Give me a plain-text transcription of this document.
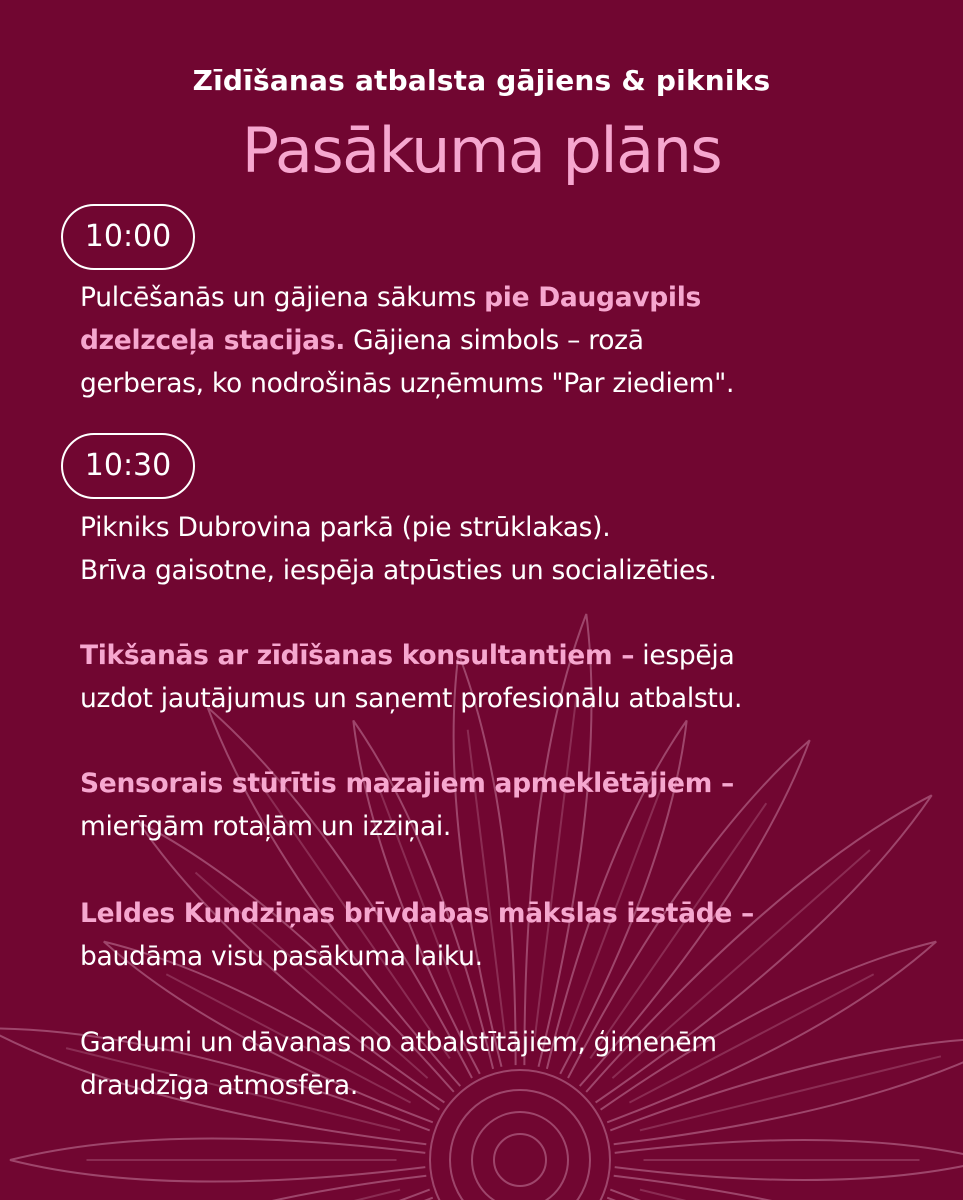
Zīdīšanas atbalsta gājiens & pikniks
Pasākuma plāns
10:00

Pulcēšanās un gājiena sākums pie Daugavpils
dzelzceļa stacijas. Gājiena simbols – rozā
gerberas, ko nodrošinās uzņēmums "Par ziediem".

10:30

Pikniks Dubrovina parkā (pie strūklakas).
Brīva gaisotne, iespēja atpūsties un socializēties.

Tikšanās ar zīdīšanas konsultantiem – iespēja
uzdot jautājumus un saņemt profesionālu atbalstu.

Sensorais stūrītis mazajiem apmeklētājiem –
mierīgām rotaļām un izziņai.

Leldes Kundziņas brīvdabas mākslas izstāde –
baudāma visu pasākuma laiku.

Gardumi un dāvanas no atbalstītājiem, ģimenēm
draudzīga atmosfēra.
